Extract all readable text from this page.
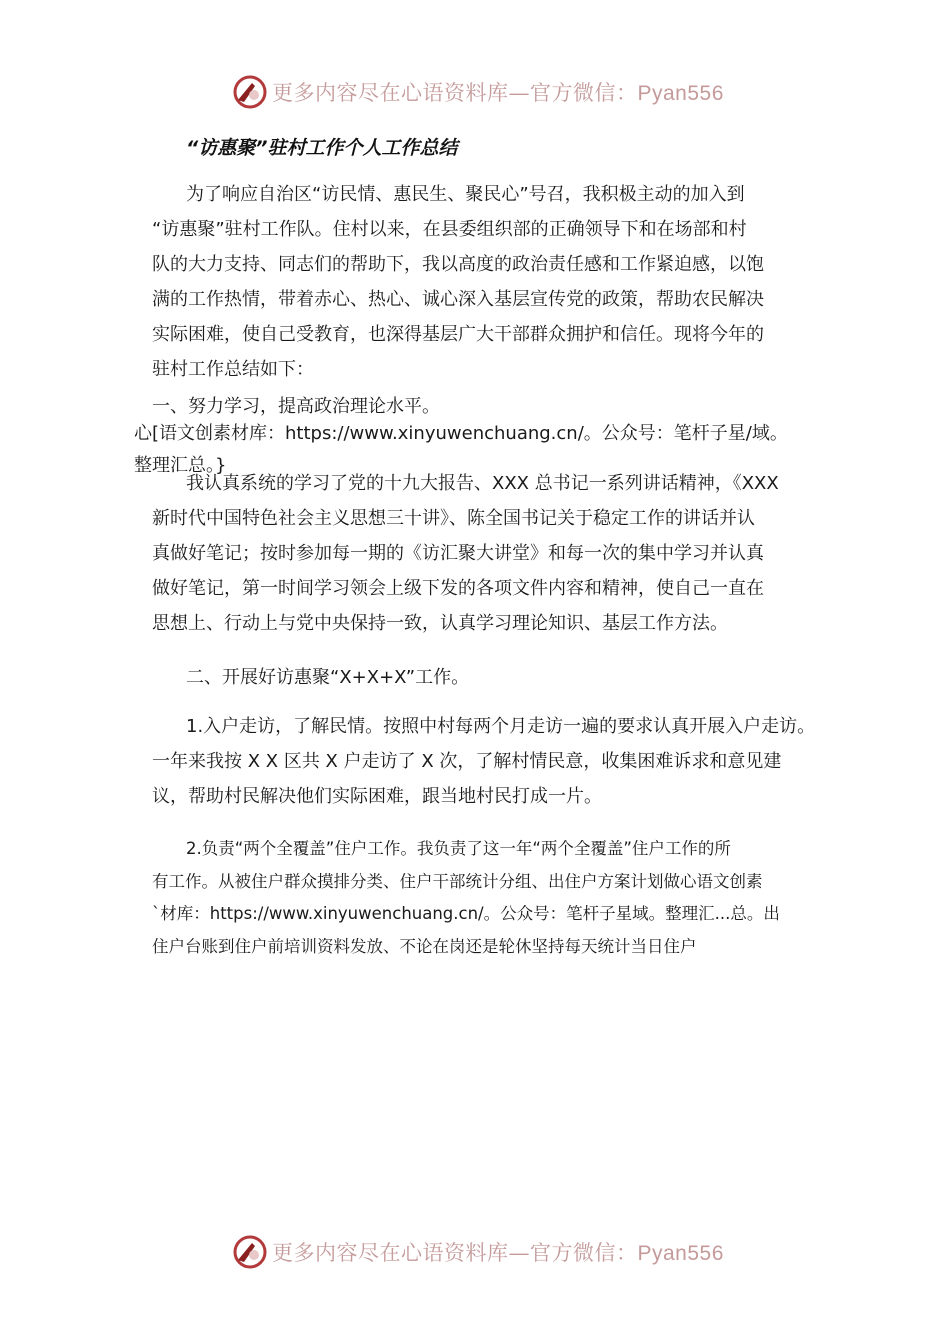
更多内容尽在心语资料库—官方微信：Pyan556
“访惠聚”驻村工作个人工作总结
为了响应自治区“访民情、惠民生、聚民心”号召，我积极主动的加入到
“访惠聚”驻村工作队。住村以来，在县委组织部的正确领导下和在场部和村
队的大力支持、同志们的帮助下，我以高度的政治责任感和工作紧迫感，以饱
满的工作热情，带着赤心、热心、诚心深入基层宣传党的政策，帮助农民解决
实际困难，使自己受教育，也深得基层广大干部群众拥护和信任。现将今年的
驻村工作总结如下：
一、努力学习，提高政治理论水平。
心[语文创素材库：https://www.xinyuwenchuang.cn/。公众号：笔杆子星/域。
整理汇总。}
我认真系统的学习了党的十九大报告、XXX 总书记一系列讲话精神，《XXX
新时代中国特色社会主义思想三十讲》、陈全国书记关于稳定工作的讲话并认
真做好笔记；按时参加每一期的《访汇聚大讲堂》和每一次的集中学习并认真
做好笔记，第一时间学习领会上级下发的各项文件内容和精神，使自己一直在
思想上、行动上与党中央保持一致，认真学习理论知识、基层工作方法。
二、开展好访惠聚“X+X+X”工作。
1.入户走访，了解民情。按照中村每两个月走访一遍的要求认真开展入户走访。
一年来我按 X X 区共 X 户走访了 X 次，了解村情民意，收集困难诉求和意见建
议，帮助村民解决他们实际困难，跟当地村民打成一片。
2.负责“两个全覆盖”住户工作。我负责了这一年“两个全覆盖”住户工作的所
有工作。从被住户群众摸排分类、住户干部统计分组、出住户方案计划做心语文创素
`材库：https://www.xinyuwenchuang.cn/。公众号：笔杆子星域。整理汇...总。出
住户台账到住户前培训资料发放、不论在岗还是轮休坚持每天统计当日住户
更多内容尽在心语资料库—官方微信：Pyan556
